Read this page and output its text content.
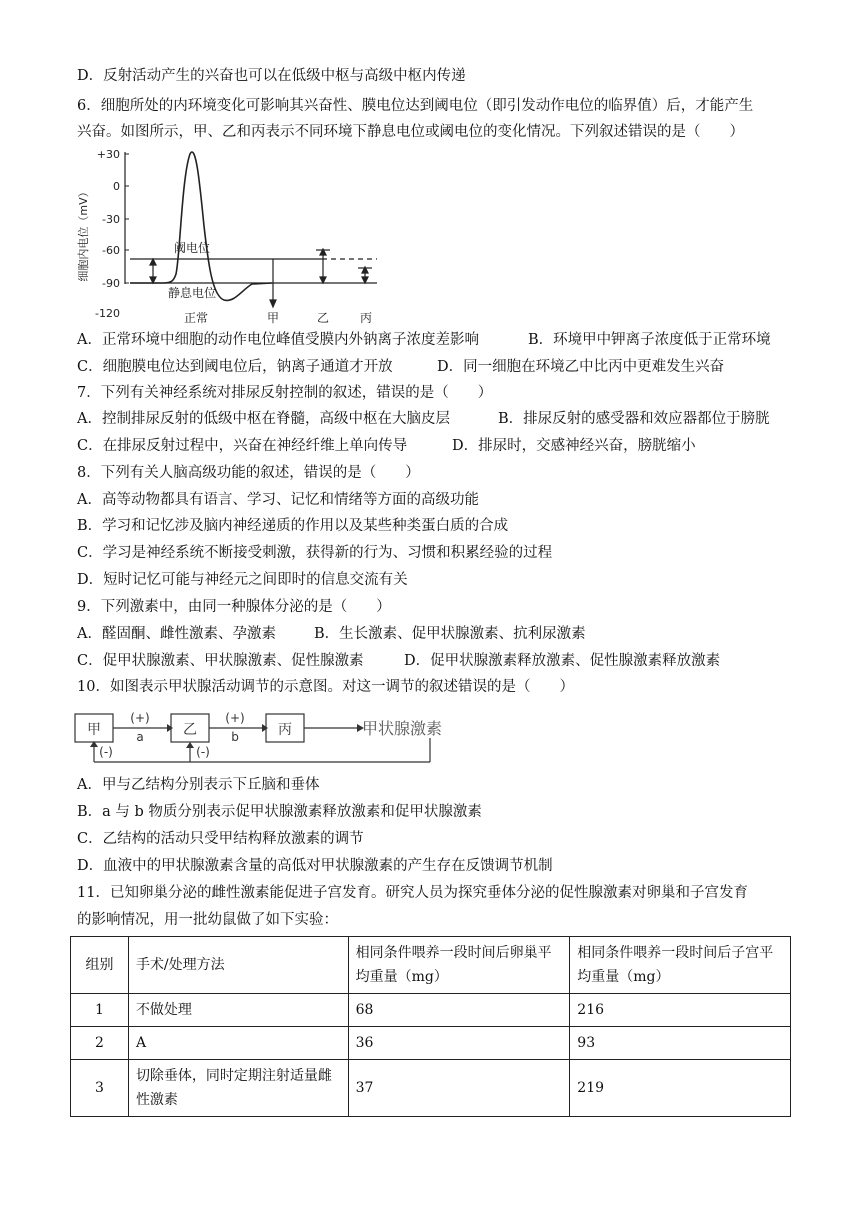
D．反射活动产生的兴奋也可以在低级中枢与高级中枢内传递
6．细胞所处的内环境变化可影响其兴奋性、膜电位达到阈电位（即引发动作电位的临界值）后，才能产生
兴奋。如图所示，甲、乙和丙表示不同环境下静息电位或阈电位的变化情况。下列叙述错误的是（　　）
+30
0
-30
-60
-90
-120
细胞内电位（mV）	阈电位
静息电位
正常	甲	乙	丙
A．正常环境中细胞的动作电位峰值受膜内外钠离子浓度差影响	B．环境甲中钾离子浓度低于正常环境
C．细胞膜电位达到阈电位后，钠离子通道才开放	D．同一细胞在环境乙中比丙中更难发生兴奋
7．下列有关神经系统对排尿反射控制的叙述，错误的是（　　）
A．控制排尿反射的低级中枢在脊髓，高级中枢在大脑皮层	B．排尿反射的感受器和效应器都位于膀胱
C．在排尿反射过程中，兴奋在神经纤维上单向传导	D．排尿时，交感神经兴奋，膀胱缩小
8．下列有关人脑高级功能的叙述，错误的是（　　）
A．高等动物都具有语言、学习、记忆和情绪等方面的高级功能
B．学习和记忆涉及脑内神经递质的作用以及某些种类蛋白质的合成
C．学习是神经系统不断接受刺激，获得新的行为、习惯和积累经验的过程
D．短时记忆可能与神经元之间即时的信息交流有关
9．下列激素中，由同一种腺体分泌的是（　　）
A．醛固酮、雌性激素、孕激素	B．生长激素、促甲状腺激素、抗利尿激素
C．促甲状腺激素、甲状腺激素、促性腺激素	D．促甲状腺激素释放激素、促性腺激素释放激素
10．如图表示甲状腺活动调节的示意图。对这一调节的叙述错误的是（　　）
甲	乙	丙
(+)
a
(+)
b
(-)	(-)
甲状腺激素
A．甲与乙结构分别表示下丘脑和垂体
B．a 与 b 物质分别表示促甲状腺激素释放激素和促甲状腺激素
C．乙结构的活动只受甲结构释放激素的调节
D．血液中的甲状腺激素含量的高低对甲状腺激素的产生存在反馈调节机制
11．已知卵巢分泌的雌性激素能促进子宫发育。研究人员为探究垂体分泌的促性腺激素对卵巢和子宫发育
的影响情况，用一批幼鼠做了如下实验：
组别	手术/处理方法	相同条件喂养一段时间后卵巢平均重量（mg）	相同条件喂养一段时间后子宫平均重量（mg）
1	不做处理	68	216
2	A	36	93
3	切除垂体，同时定期注射适量雌性激素	37	219
